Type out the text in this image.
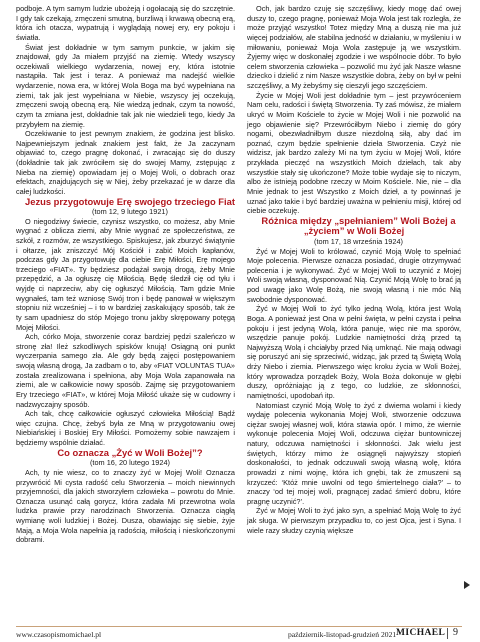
podboje. A tym samym ludzie ubożeją i ogołacają się do szczętnie. I gdy tak czekają, zmęczeni smutną, burzliwą i krwawą obecną erą, która ich otacza, wypatrują i wyglądają nowej ery, ery pokoju i światła.

Świat jest dokładnie w tym samym punkcie, w jakim się znajdował, gdy Ja miałem przyjść na ziemię. Wtedy wszyscy oczekiwali wielkiego wydarzenia, nowej ery, która istotnie nastąpiła. Tak jest i teraz. A ponieważ ma nadejść wielkie wydarzenie, nowa era, w której Wola Boga ma być wypełniana na ziemi, tak jak jest wypełniana w Niebie, wszyscy jej oczekują, zmęczeni swoją obecną erą. Nie wiedzą jednak, czym ta nowość, czym ta zmiana jest, dokładnie tak jak nie wiedzieli tego, kiedy Ja przybyłem na ziemię.

Oczekiwanie to jest pewnym znakiem, że godzina jest blisko. Najpewniejszym jednak znakiem jest fakt, że Ja zaczynam objawiać to, czego pragnę dokonać, i zwracając się do duszy (dokładnie tak jak zwróciłem się do swojej Mamy, zstępując z Nieba na ziemię) opowiadam jej o Mojej Woli, o dobrach oraz efektach, znajdujących się w Niej, żeby przekazać je w darze dla całej ludzkości.

Jezus przygotowuje Erę swojego trzeciego Fiat

(tom 12, 9 lutego 1921)

O niegodziwy świecie, czynisz wszystko, co możesz, aby Mnie wygnać z oblicza ziemi, aby Mnie wygnać ze społeczeństwa, ze szkół, z rozmów, ze wszystkiego. Spiskujesz, jak zburzyć świątynie i ołtarze, jak zniszczyć Mój Kościół i zabić Moich kapłanów, podczas gdy Ja przygotowuję dla ciebie Erę Miłości, Erę mojego trzeciego «FIAT». Ty będziesz podążał swoją drogą, żeby Mnie przepędzić, a Ja ogłuszę cię Miłością. Będę śledził cię od tyłu i wyjdę ci naprzeciw, aby cię ogłuszyć Miłością. Tam gdzie Mnie wygnałeś, tam też wzniosę Swój tron i będę panował w większym stopniu niż wcześniej – i to w bardziej zaskakujący sposób, tak że ty sam upadniesz do stóp Mojego tronu jakby skrępowany potęgą Mojej Miłości.

Ach, córko Moja, stworzenie coraz bardziej pędzi szaleńczo w stronę zła! Ileż szkodliwych spisków knują! Osiągną oni punkt wyczerpania samego zła. Ale gdy będą zajęci postępowaniem swoją własną drogą, Ja zadbam o to, aby «FIAT VOLUNTAS TUA» została zrealizowana i spełniona, aby Moja Wola zapanowała na ziemi, ale w całkowicie nowy sposób. Zajmę się przygotowaniem Ery trzeciego «FIAT», w której Moja Miłość ukaże się w cudowny i nadzwyczajny sposób.

Ach tak, chcę całkowicie ogłuszyć człowieka Miłością! Bądź więc czujna. Chcę, żebyś była ze Mną w przygotowaniu owej Niebiańskiej i Boskiej Ery Miłości. Pomożemy sobie nawzajem i będziemy wspólnie działać.

Co oznacza „Żyć w Woli Bożej”?

(tom 16, 20 lutego 1924)

Ach, ty nie wiesz, co to znaczy żyć w Mojej Woli! Oznacza przywrócić Mi cysta radość celu Stworzenia – moich niewinnych przyjemności, dla jakich stworzyłem człowieka – powrotu do Mnie. Oznacza usunąć całą gorycz, która zadała Mi przewrotna wola ludzka prawie przy narodzinach Stworzenia. Oznacza ciągłą wymianę woli ludzkiej i Bożej. Dusza, obawiając się siebie, żyje Mają, a Moja Wola napełnia ją radością, miłością i nieskończonymi dobrami.

Och, jak bardzo czuję się szczęśliwy, kiedy mogę dać owej duszy to, czego pragnę, ponieważ Moja Wola jest tak rozległa, że może przyjąć wszystko! Totez między Mną a duszą nie ma już więcej podziałów, ale stabilna jedność w działaniu, w myśleniu i w miłowaniu, ponieważ Moja Wola zastępuje ją we wszystkim. Żyjemy więc w doskonałej zgodzie i we wspólnocie dóbr. To było celem stworzenia człowieka – pozwolić mu żyć jak Nasze własne dziecko i dzielić z nim Nasze wszystkie dobra, żeby on był w pełni szczęśliwy, a My żebyśmy się cieszyli jego szczęściem.

Życie w Mojej Woli jest dokładnie tym – jest przywróceniem Nam celu, radości i świętą Stworzenia. Ty zaś mówisz, że miałem ukryć w Moim Kościele to życie w Mojej Woli i nie pozwolić na jego objawienie się? Przewróciłbym Niebo i ziemię do góry nogami, obezwładniłbym dusze niezdolną siłą, aby dać im poznać, czym będzie spełnienie dzieła Stworzenia. Czyż nie widzisz, jak bardzo zależy Mi na tym życiu w Mojej Woli, które przykłada pieczęć na wszystkich Moich dziełach, tak aby wszystkie stały się ukończone? Może tobie wydaje się to niczym, albo że istnieją podobne rzeczy w Moim Kościele. Nie, nie – dla Mnie jednak to jest Wszystko z Moich dzieł, a ty powinnaś je uznać jako takie i być bardziej uważna w pełnieniu misji, której od ciebie oczekuję.

Różnica między „spełnianiem” Woli Bożej a „życiem” w Woli Bożej

(tom 17, 18 września 1924)

Żyć w Mojej Woli to królować, czynić Moją Wolę to spełniać Moje polecenia. Pierwsze oznacza posiadać, drugie otrzymywać polecenia i je wykonywać. Żyć w Mojej Woli to uczynić z Mojej Woli swoją własną, dysponować Nią. Czynić Moją Wolę to brać ją pod uwagę jako Wolę Bożą, nie swoją własną i nie móc Nią swobodnie dysponować.

Żyć w Mojej Woli to żyć tylko jedną Wolą, która jest Wolą Boga. A ponieważ jest Ona w pełni święta, w pełni czysta i pełna pokoju i jest jedyną Wolą, która panuje, więc nie ma sporów, wszędzie panuje pokój. Ludzkie namiętności drżą przed tą Najwyższą Wolą i chciałyby przed Nią umknąć. Nie mają odwagi się poruszyć ani się sprzeciwić, widząc, jak przed tą Świętą Wolą drży Niebo i ziemia. Pierwszego więc kroku życia w Woli Bożej, który wprowadza porządek Boży, Wola Boża dokonuje w głębi duszy, opróżniając ją z tego, co ludzkie, ze skłonności, namiętności, upodobań itp.

Natomiast czynić Moją Wolę to żyć z dwiema wolami i kiedy wydaję polecenia wykonania Mojej Woli, stworzenie odczuwa ciężar swojej własnej woli, która stawia opór. I mimo, że wiernie wykonuje polecenia Mojej Woli, odczuwa ciężar buntowniczej natury, odczuwa namiętności i skłonności. Jak wielu jest świętych, którzy mimo że osiągnęli najwyższy stopień doskonałości, to jednak odczuwali swoją własną wolę, która prowadzi z nimi wojnę, która ich gnębi, tak że zmuszeni są krzyczeć: ‘Któż mnie uwolni od tego śmiertelnego ciała?’ – to znaczy ‘od tej mojej woli, pragnącej zadać śmierć dobru, które pragnę uczynić?’.

Żyć w Mojej Woli to żyć jako syn, a spełniać Moją Wolę to żyć jak sługa. W pierwszym przypadku to, co jest Ojca, jest i Syna. I wiele razy słudzy czynią większe

www.czasopismomichael.pl	październik-listopad-grudzień 2021 MICHAEL 9
